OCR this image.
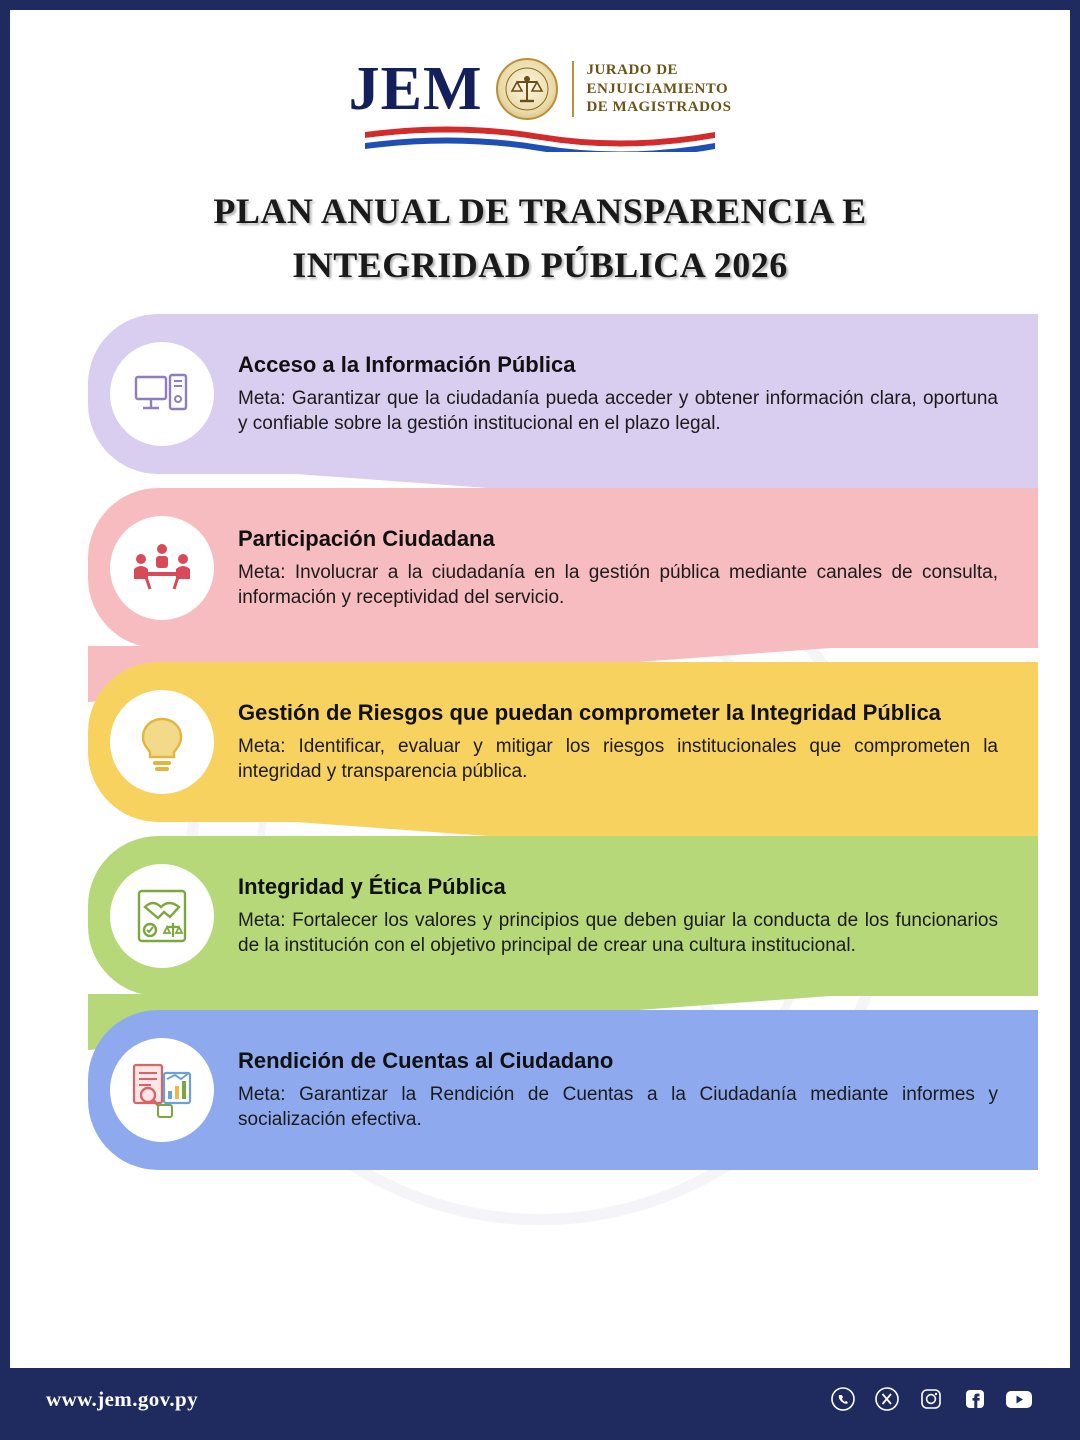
JEM	JURADO DE
ENJUICIAMIENTO
DE MAGISTRADOS
PLAN ANUAL DE TRANSPARENCIA E
INTEGRIDAD PÚBLICA 2026
Acceso a la Información Pública
Meta: Garantizar que la ciudadanía pueda acceder y obtener información clara, oportuna y confiable sobre la gestión institucional en el plazo legal.
Participación Ciudadana
Meta: Involucrar a la ciudadanía en la gestión pública mediante canales de consulta, información y receptividad del servicio.
Gestión de Riesgos que puedan comprometer la Integridad Pública
Meta: Identificar, evaluar y mitigar los riesgos institucionales que comprometen la integridad y transparencia pública.
Integridad y Ética Pública
Meta: Fortalecer los valores y principios que deben guiar la conducta de los funcionarios de la institución con el objetivo principal de crear una cultura institucional.
Rendición de Cuentas al Ciudadano
Meta: Garantizar la Rendición de Cuentas a la Ciudadanía mediante informes y socialización efectiva.
www.jem.gov.py
